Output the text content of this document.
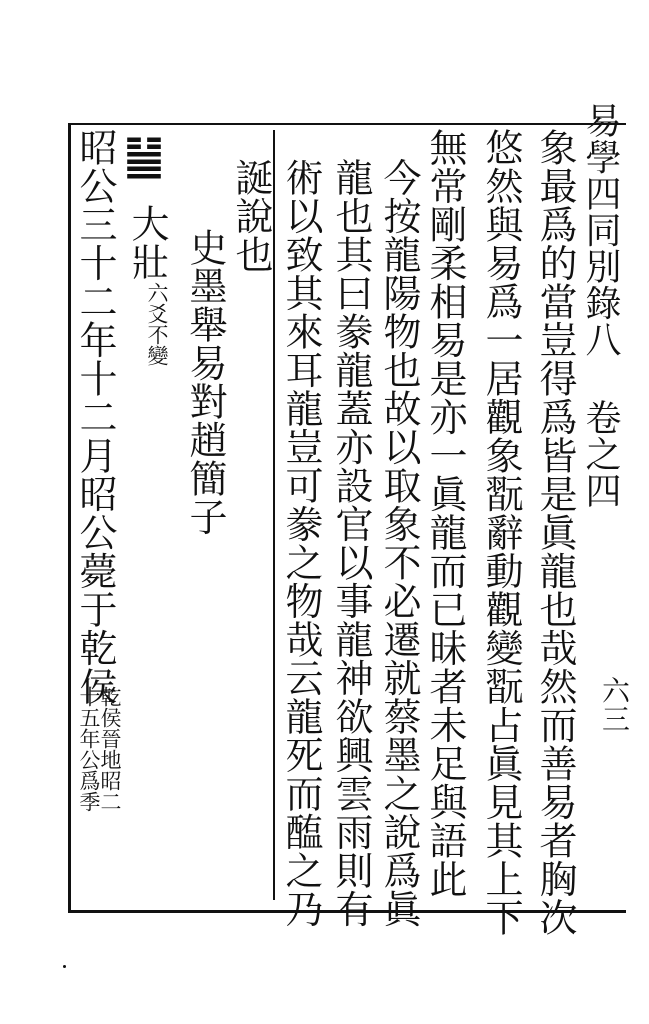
易學四同別錄八 卷之四
六三
象最爲的當豈得爲皆是眞龍也哉然而善易者胸次
悠然與易爲一居觀象翫辭動觀變翫占眞見其上下
無常剛柔相易是亦一眞龍而已昧者未足與語此
今按龍陽物也故以取象不必遷就蔡墨之說爲眞
龍也其曰豢龍蓋亦設官以事龍神欲興雲雨則有
術以致其來耳龍豈可豢之物哉云龍死而醢之乃
誕說也
史墨舉易對趙簡子
䷡
大壯
六爻不變
昭公三十二年十二月昭公薨于乾侯
乾侯晉地昭二
十五年公爲季
